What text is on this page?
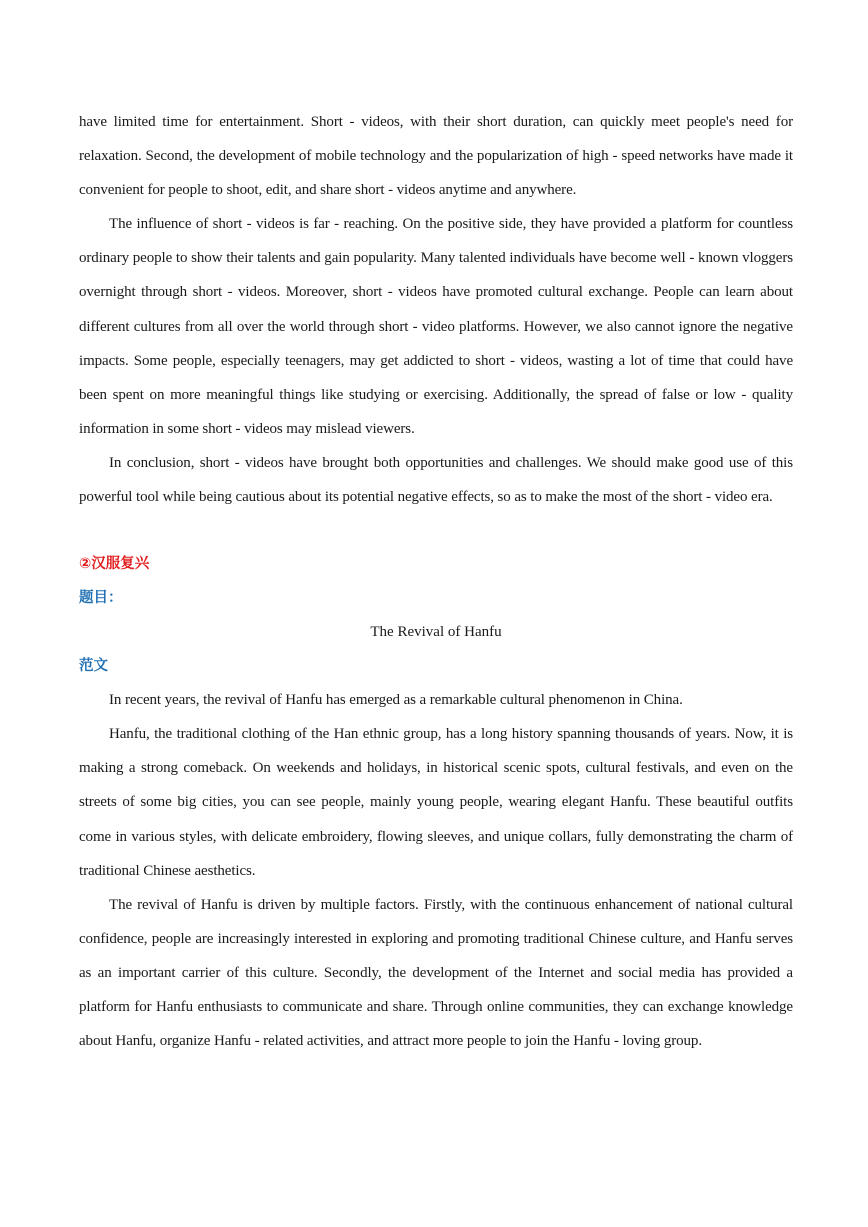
have limited time for entertainment. Short - videos, with their short duration, can quickly meet people's need for relaxation. Second, the development of mobile technology and the popularization of high - speed networks have made it convenient for people to shoot, edit, and share short - videos anytime and anywhere.

The influence of short - videos is far - reaching. On the positive side, they have provided a platform for countless ordinary people to show their talents and gain popularity. Many talented individuals have become well - known vloggers overnight through short - videos. Moreover, short - videos have promoted cultural exchange. People can learn about different cultures from all over the world through short - video platforms. However, we also cannot ignore the negative impacts. Some people, especially teenagers, may get addicted to short - videos, wasting a lot of time that could have been spent on more meaningful things like studying or exercising. Additionally, the spread of false or low - quality information in some short - videos may mislead viewers.

In conclusion, short - videos have brought both opportunities and challenges. We should make good use of this powerful tool while being cautious about its potential negative effects, so as to make the most of the short - video era.

②汉服复兴

题目：

The Revival of Hanfu

范文

In recent years, the revival of Hanfu has emerged as a remarkable cultural phenomenon in China.

Hanfu, the traditional clothing of the Han ethnic group, has a long history spanning thousands of years. Now, it is making a strong comeback. On weekends and holidays, in historical scenic spots, cultural festivals, and even on the streets of some big cities, you can see people, mainly young people, wearing elegant Hanfu. These beautiful outfits come in various styles, with delicate embroidery, flowing sleeves, and unique collars, fully demonstrating the charm of traditional Chinese aesthetics.

The revival of Hanfu is driven by multiple factors. Firstly, with the continuous enhancement of national cultural confidence, people are increasingly interested in exploring and promoting traditional Chinese culture, and Hanfu serves as an important carrier of this culture. Secondly, the development of the Internet and social media has provided a platform for Hanfu enthusiasts to communicate and share. Through online communities, they can exchange knowledge about Hanfu, organize Hanfu - related activities, and attract more people to join the Hanfu - loving group.
